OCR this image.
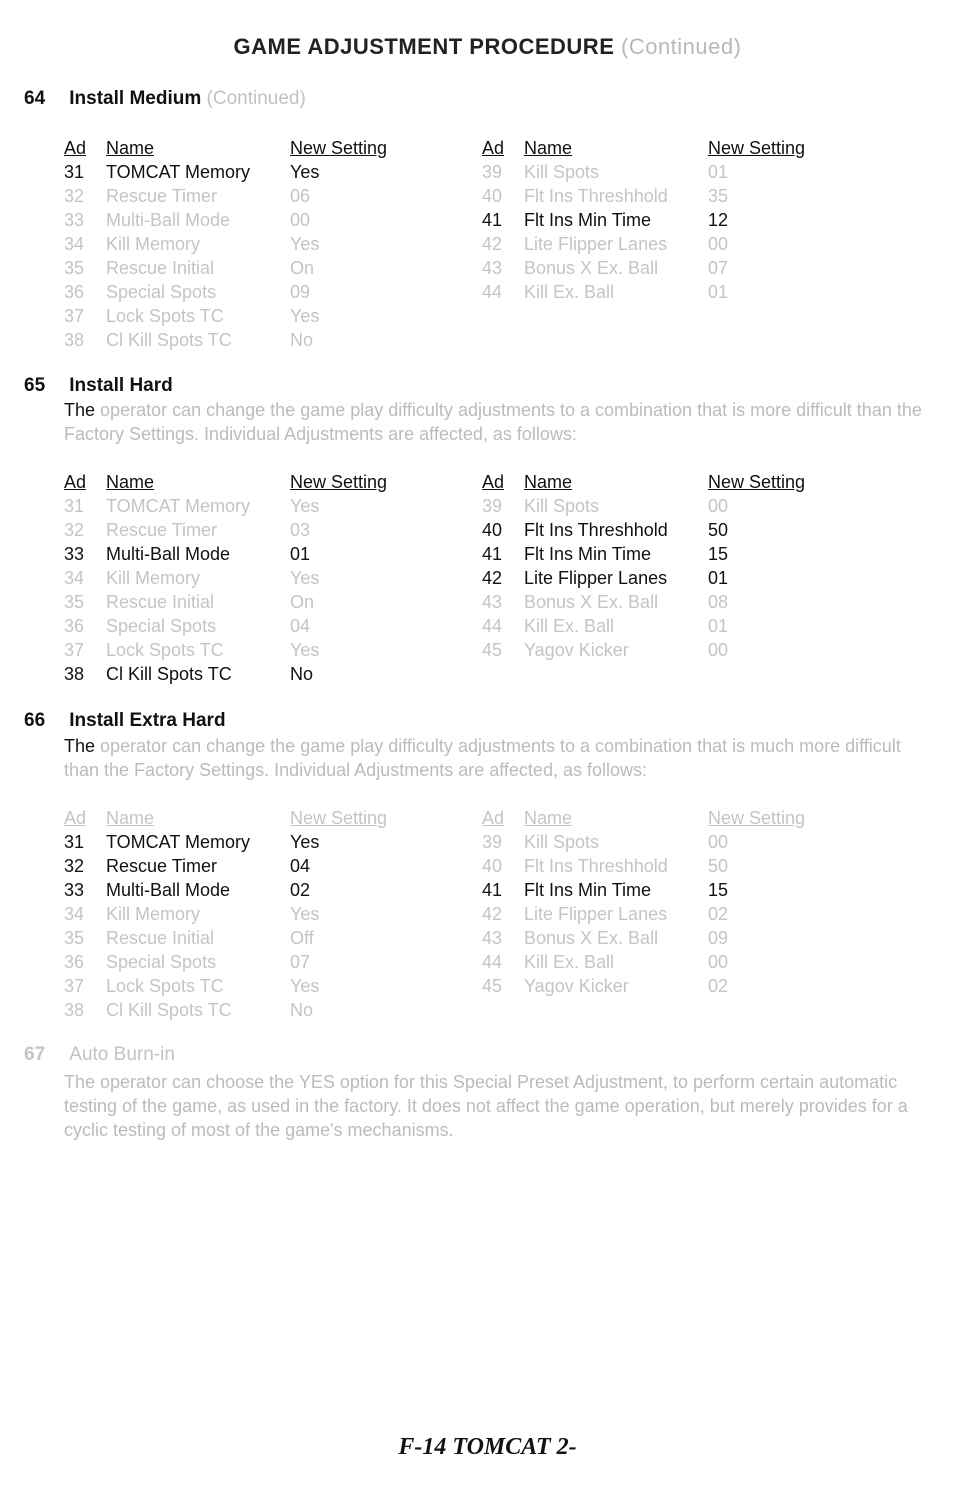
GAME ADJUSTMENT PROCEDURE (Continued)
64 Install Medium (Continued)
Ad Name	New Setting
31 TOMCAT Memory Yes
32 Rescue Timer	06
33 Multi-Ball Mode	00
34 Kill Memory	Yes
35 Rescue Initial	On
36 Special Spots	09
37 Lock Spots TC	Yes
38 Cl Kill Spots TC	No
Ad Name	New Setting
39 Kill Spots	01
40 Flt Ins Threshhold 35
41 Flt Ins Min Time	12
42 Lite Flipper Lanes 00
43 Bonus X Ex. Ball	07
44 Kill Ex. Ball	01
65 Install Hard

The operator can change the game play difficulty adjustments to a combination that is more difficult than the Factory Settings. Individual Adjustments are affected, as follows:

Ad Name	New Setting
31 TOMCAT Memory Yes
32 Rescue Timer	03
33 Multi-Ball Mode	01
34 Kill Memory	Yes
35 Rescue Initial	On
36 Special Spots	04
37 Lock Spots TC	Yes
38 Cl Kill Spots TC	No
Ad Name	New Setting
39 Kill Spots	00
40 Flt Ins Threshhold 50
41 Flt Ins Min Time	15
42 Lite Flipper Lanes 01
43 Bonus X Ex. Ball	08
44 Kill Ex. Ball	01
45 Yagov Kicker	00
66 Install Extra Hard

The operator can change the game play difficulty adjustments to a combination that is much more difficult than the Factory Settings. Individual Adjustments are affected, as follows:

Ad Name	New Setting
31 TOMCAT Memory Yes
32 Rescue Timer	04
33 Multi-Ball Mode	02
34 Kill Memory	Yes
35 Rescue Initial	Off
36 Special Spots	07
37 Lock Spots TC	Yes
38 Cl Kill Spots TC	No
Ad Name	New Setting
39 Kill Spots	00
40 Flt Ins Threshhold 50
41 Flt Ins Min Time	15
42 Lite Flipper Lanes 02
43 Bonus X Ex. Ball	09
44 Kill Ex. Ball	00
45 Yagov Kicker	02
67 Auto Burn-in

The operator can choose the YES option for this Special Preset Adjustment, to perform certain automatic testing of the game, as used in the factory. It does not affect the game operation, but merely provides for a cyclic testing of most of the game's mechanisms.

F-14 TOMCAT 2-
